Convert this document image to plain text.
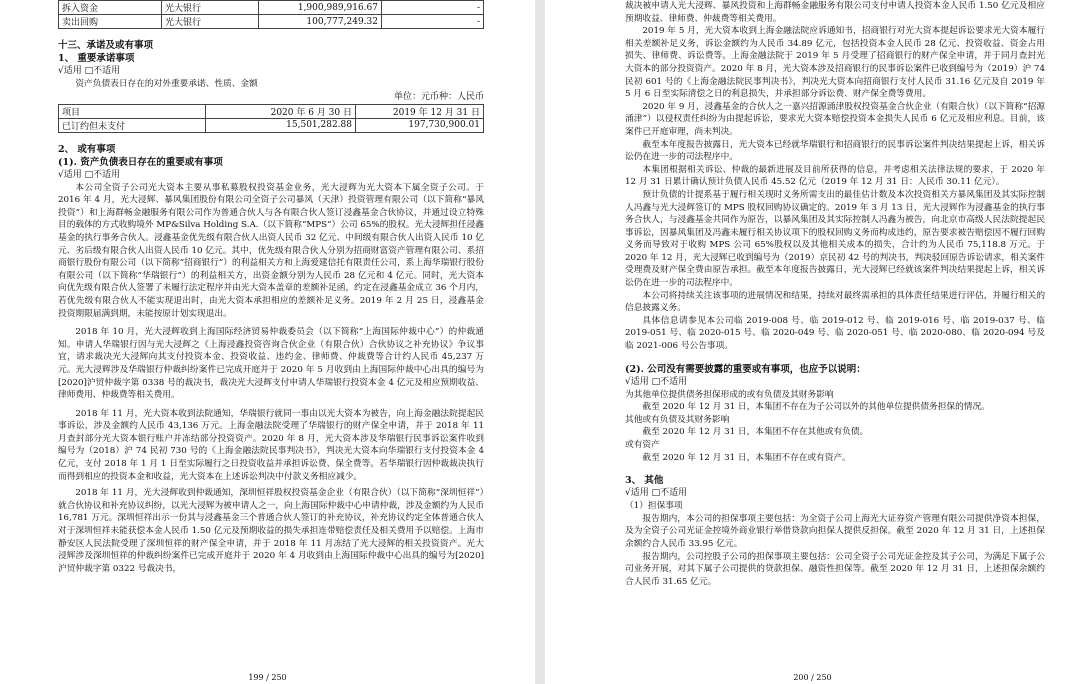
拆入资金	光大银行	1,900,989,916.67	-
卖出回购	光大银行	100,777,249.32	-

十三、承诺及或有事项

1、 重要承诺事项

√适用 □不适用

资产负债表日存在的对外重要承诺、性质、金额

单位：元币种：人民币

项目	2020 年 6 月 30 日	2019 年 12 月 31 日
已订约但未支付	15,501,282.88	197,730,900.01

2、 或有事项

(1). 资产负债表日存在的重要或有事项

√适用 □不适用

本公司全资子公司光大资本主要从事私募股权投资基金业务，光大浸辉为光大资本下属全资子公司。于 2016 年 4 月，光大浸辉、暴风集团股份有限公司全资子公司暴风（天津）投资管理有限公司（以下简称“暴风投资”）和上海群畅金融服务有限公司作为普通合伙人与各有限合伙人签订浸鑫基金合伙协议，并通过设立特殊目的载体的方式收购境外 MP&Silva Holding S.A.（以下简称“MPS”）公司 65%的股权。光大浸辉担任浸鑫基金的执行事务合伙人。浸鑫基金优先级有限合伙人出资人民币 32 亿元、中间级有限合伙人出资人民币 10 亿元、劣后级有限合伙人出资人民币 10 亿元。其中，优先级有限合伙人分别为招商财富资产管理有限公司、系招商银行股份有限公司（以下简称“招商银行”）的利益相关方和上海爱建信托有限责任公司，系上海华瑞银行股份有限公司（以下简称“华瑞银行”）的利益相关方，出资金额分别为人民币 28 亿元和 4 亿元。同时，光大资本向优先级有限合伙人签署了未履行法定程序并由光大资本盖章的差额补足函，约定在浸鑫基金成立 36 个月内，若优先级有限合伙人不能实现退出时，由光大资本承担相应的差额补足义务。2019 年 2 月 25 日，浸鑫基金投资期限届满到期，未能按原计划实现退出。

2018 年 10 月，光大浸辉收到上海国际经济贸易仲裁委员会（以下简称“上海国际仲裁中心”）的仲裁通知。申请人华瑞银行因与光大浸辉之《上海浸鑫投资咨询合伙企业（有限合伙）合伙协议之补充协议》争议事宜，请求裁决光大浸辉向其支付投资本金、投资收益、违约金、律师费、仲裁费等合计约人民币 45,237 万元。光大浸辉涉及华瑞银行仲裁纠纷案件已完成开庭并于 2020 年 5 月收到由上海国际仲裁中心出具的编号为[2020]沪贸仲裁字第 0338 号的裁决书，裁决光大浸辉支付申请人华瑞银行投资本金 4 亿元及相应预期收益、律师费用、仲裁费等相关费用。

2018 年 11 月，光大资本收到法院通知，华瑞银行就同一事由以光大资本为被告，向上海金融法院提起民事诉讼，涉及金额约人民币 43,136 万元。上海金融法院受理了华瑞银行的财产保全申请，并于 2018 年 11 月查封部分光大资本银行账户并冻结部分投资资产。2020 年 8 月，光大资本涉及华瑞银行民事诉讼案件收到编号为（2018）沪 74 民初 730 号的《上海金融法院民事判决书》，判决光大资本向华瑞银行支付投资本金 4 亿元，支付 2018 年 1 月 1 日至实际履行之日投资收益并承担诉讼费、保全费等。若华瑞银行因仲裁裁决执行而得到相应的投资本金和收益，光大资本在上述诉讼判决中付款义务相应减少。

2018 年 11 月，光大浸辉收到仲裁通知，深圳恒祥股权投资基金企业（有限合伙）（以下简称“深圳恒祥”）就合伙协议和补充协议纠纷，以光大浸辉为被申请人之一，向上海国际仲裁中心申请仲裁，涉及金额约为人民币 16,781 万元。深圳恒祥出示一份其与浸鑫基金三个普通合伙人签订的补充协议，补充协议约定全体普通合伙人对于深圳恒祥未能获偿本金人民币 1.50 亿元及预期收益的损失承担连带赔偿责任及相关费用予以赔偿。上海市静安区人民法院受理了深圳恒祥的财产保全申请，并于 2018 年 11 月冻结了光大浸辉的相关投资资产。光大浸辉涉及深圳恒祥的仲裁纠纷案件已完成开庭并于 2020 年 4 月收到由上海国际仲裁中心出具的编号为[2020]沪贸仲裁字第 0322 号裁决书，

199 / 250

裁决被申请人光大浸辉、暴风投资和上海群畅金融服务有限公司支付申请人投资本金人民币 1.50 亿元及相应预期收益、律师费、仲裁费等相关费用。

2019 年 5 月，光大资本收到上海金融法院应诉通知书，招商银行对光大资本提起诉讼要求光大资本履行相关差额补足义务，诉讼金额约为人民币 34.89 亿元，包括投资本金人民币 28 亿元、投资收益、资金占用损失、律师费、诉讼费等。上海金融法院于 2019 年 5 月受理了招商银行的财产保全申请，并于同月查封光大资本的部分投资资产。2020 年 8 月，光大资本涉及招商银行的民事诉讼案件已收到编号为（2019）沪 74 民初 601 号的《上海金融法院民事判决书》，判决光大资本向招商银行支付人民币 31.16 亿元及自 2019 年 5 月 6 日至实际清偿之日的利息损失，并承担部分诉讼费、财产保全费等费用。

2020 年 9 月，浸鑫基金的合伙人之一嘉兴招源涌津股权投资基金合伙企业（有限合伙）（以下简称“招源涌津”）以侵权责任纠纷为由提起诉讼，要求光大资本赔偿投资本金损失人民币 6 亿元及相应利息。目前，该案件已开庭审理，尚未判决。

截至本年度报告披露日，光大资本已经就华瑞银行和招商银行的民事诉讼案件判决结果提起上诉，相关诉讼仍在进一步的司法程序中。

本集团根据相关诉讼、仲裁的最新进展及目前所获得的信息，并考虑相关法律法规的要求，于 2020 年 12 月 31 日累计确认预计负债人民币 45.52 亿元（2019 年 12 月 31 日：人民币 30.11 亿元）。

预计负债的计提系基于履行相关现时义务所需支出的最佳估计数及本次投资相关方暴风集团及其实际控制人冯鑫与光大浸辉签订的 MPS 股权回购协议确定的。2019 年 3 月 13 日，光大浸辉作为浸鑫基金的执行事务合伙人，与浸鑫基金共同作为原告，以暴风集团及其实际控制人冯鑫为被告，向北京市高级人民法院提起民事诉讼，因暴风集团及冯鑫未履行相关协议项下的股权回购义务而构成违约，原告要求被告赔偿因不履行回购义务而导致对于收购 MPS 公司 65%股权以及其他相关成本的损失，合计约为人民币 75,118.8 万元。于 2020 年 12 月，光大浸辉已收到编号为（2019）京民初 42 号的判决书，判决驳回原告诉讼请求，相关案件受理费及财产保全费由原告承担。截至本年度报告披露日，光大浸辉已经就该案件判决结果提起上诉，相关诉讼仍在进一步的司法程序中。

本公司将持续关注该事项的进展情况和结果，持续对最终需承担的具体责任结果进行评估，并履行相关的信息披露义务。

具体信息请参见本公司临 2019-008 号、临 2019-012 号、临 2019-016 号、临 2019-037 号、临 2019-051 号、临 2020-015 号、临 2020-049 号、临 2020-051 号、临 2020-080、临 2020-094 号及临 2021-006 号公告事项。

(2). 公司没有需要披露的重要或有事项，也应予以说明：

√适用 □不适用

为其他单位提供债务担保形成的或有负债及其财务影响

截至 2020 年 12 月 31 日，本集团不存在为子公司以外的其他单位提供债务担保的情况。

其他或有负债及其财务影响

截至 2020 年 12 月 31 日，本集团不存在其他或有负债。

或有资产

截至 2020 年 12 月 31 日，本集团不存在或有资产。

3、 其他

√适用 □不适用

（1）担保事项

报告期内，本公司的担保事项主要包括：为全资子公司上海光大证券资产管理有限公司提供净资本担保，及为全资子公司光证金控境外商业银行举借贷款向担保人提供反担保。截至 2020 年 12 月 31 日，上述担保余额约合人民币 33.95 亿元。

报告期内，公司控股子公司的担保事项主要包括：公司全资子公司光证金控及其子公司，为满足下属子公司业务开展，对其下属子公司提供的贷款担保、融资性担保等。截至 2020 年 12 月 31 日，上述担保余额约合人民币 31.65 亿元。

200 / 250
